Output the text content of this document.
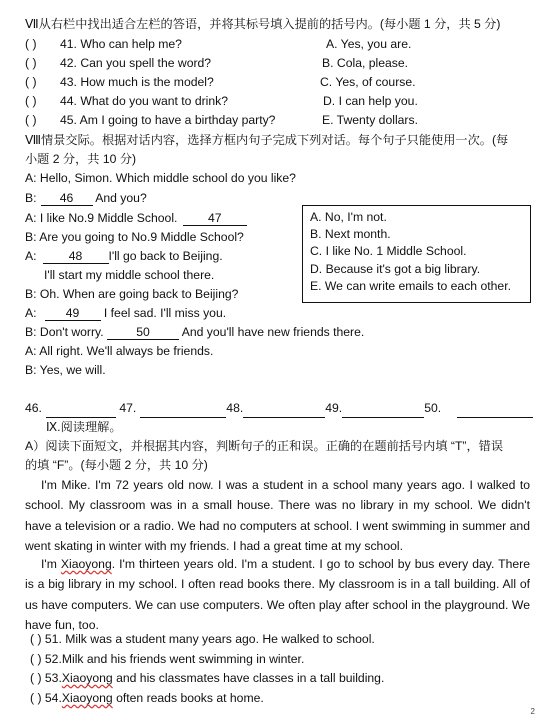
Ⅶ从右栏中找出适合左栏的答语，并将其标号填入提前的括号内。(每小题 1 分，共 5 分)
( ) 41. Who can help me?	A. Yes, you are.
( ) 42. Can you spell the word?	B. Cola, please.
( ) 43. How much is the model?	C. Yes, of course.
( ) 44. What do you want to drink?	D. I can help you.
( ) 45. Am I going to have a birthday party?	E. Twenty dollars.
Ⅷ情景交际。根据对话内容，选择方框内句子完成下列对话。每个句子只能使用一次。(每
小题 2 分，共 10 分)
A: Hello, Simon. Which middle school do you like?
B: 46 And you?
A: I like No.9 Middle School. 47
B: Are you going to No.9 Middle School?
A:	48 I'll go back to Beijing.
I'll start my middle school there.
B: Oh. When are going back to Beijing?
A: 49 I feel sad. I'll miss you.
B: Don't worry. 50 And you'll have new friends there.
A: All right. We'll always be friends.
B: Yes, we will.
A. No, I'm not.
B. Next month.
C. I like No. 1 Middle School.
D. Because it's got a big library.
E. We can write emails to each other.
46.	47.	48.	49.	50.
Ⅸ.阅读理解。
A）阅读下面短文，并根据其内容，判断句子的正和误。正确的在题前括号内填 “T”，错误
的填 “F”。(每小题 2 分，共 10 分)
I'm Mike. I'm 72 years old now. I was a student in a school many years ago. I walked to school. My classroom was in a small house. There was no library in my school. We didn't have a television or a radio. We had no computers at school. I went swimming in summer and went skating in winter with my friends. I had a great time at my school.
I'm Xiaoyong. I'm thirteen years old. I'm a student. I go to school by bus every day. There is a big library in my school. I often read books there. My classroom is in a tall building. All of us have computers. We can use computers. We often play after school in the playground. We have fun, too.
( ) 51. Milk was a student many years ago. He walked to school.
( ) 52.Milk and his friends went swimming in winter.
( ) 53.Xiaoyong and his classmates have classes in a tall building.
( ) 54.Xiaoyong often reads books at home.
2
